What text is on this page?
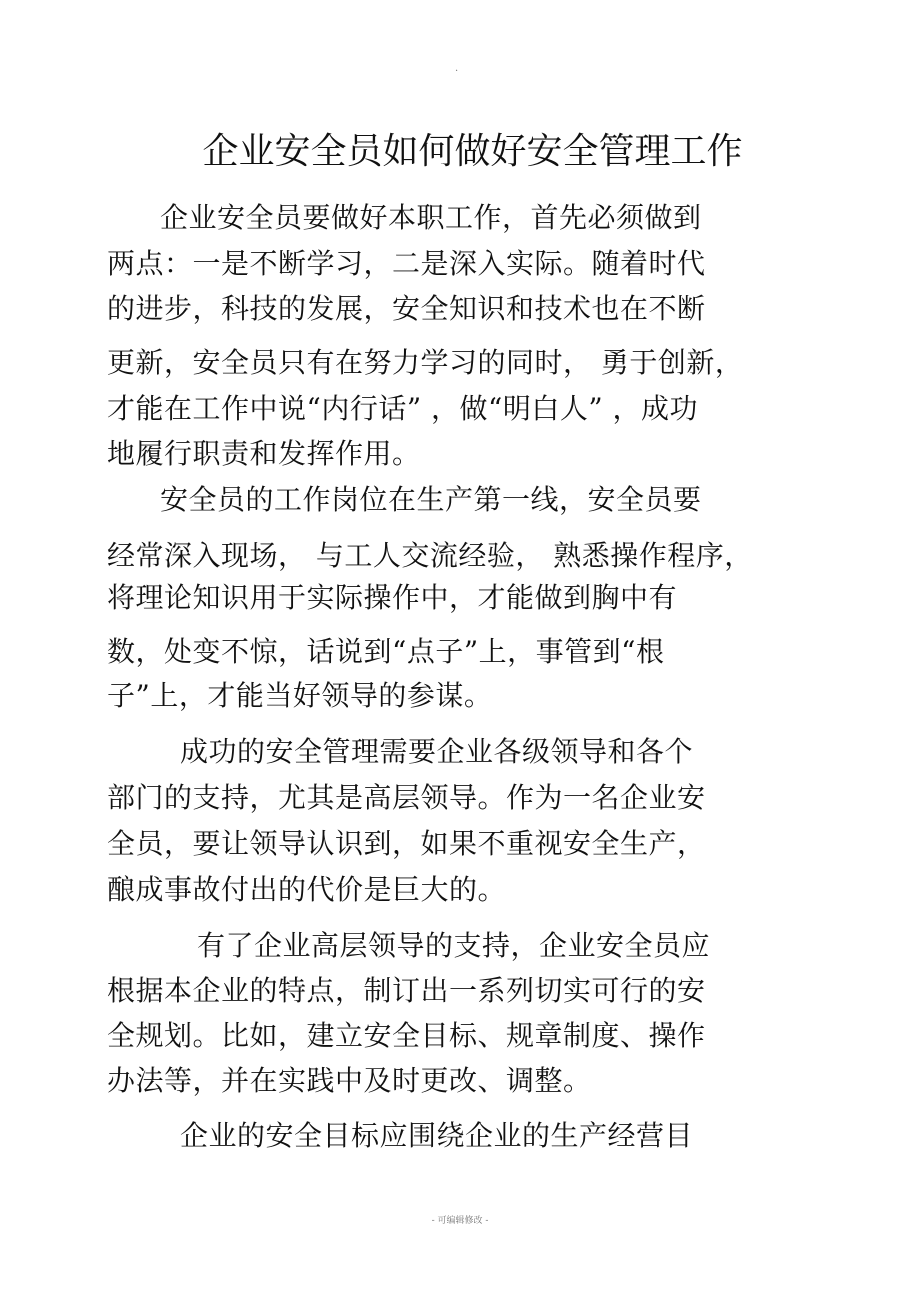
.
企业安全员如何做好安全管理工作
企业安全员要做好本职工作，首先必须做到
两点：一是不断学习，二是深入实际。随着时代
的进步，科技的发展，安全知识和技术也在不断
更新，安全员只有在努力学习的同时， 勇于创新，
才能在工作中说“内行话” ，做“明白人” ，成功
地履行职责和发挥作用。
安全员的工作岗位在生产第一线，安全员要
经常深入现场， 与工人交流经验， 熟悉操作程序，
将理论知识用于实际操作中，才能做到胸中有
数，处变不惊，话说到“点子”上，事管到“根
子”上，才能当好领导的参谋。
成功的安全管理需要企业各级领导和各个
部门的支持，尤其是高层领导。作为一名企业安
全员，要让领导认识到，如果不重视安全生产，
酿成事故付出的代价是巨大的。
有了企业高层领导的支持，企业安全员应
根据本企业的特点，制订出一系列切实可行的安
全规划。比如，建立安全目标、规章制度、操作
办法等，并在实践中及时更改、调整。
企业的安全目标应围绕企业的生产经营目
- 可编辑修改 -
